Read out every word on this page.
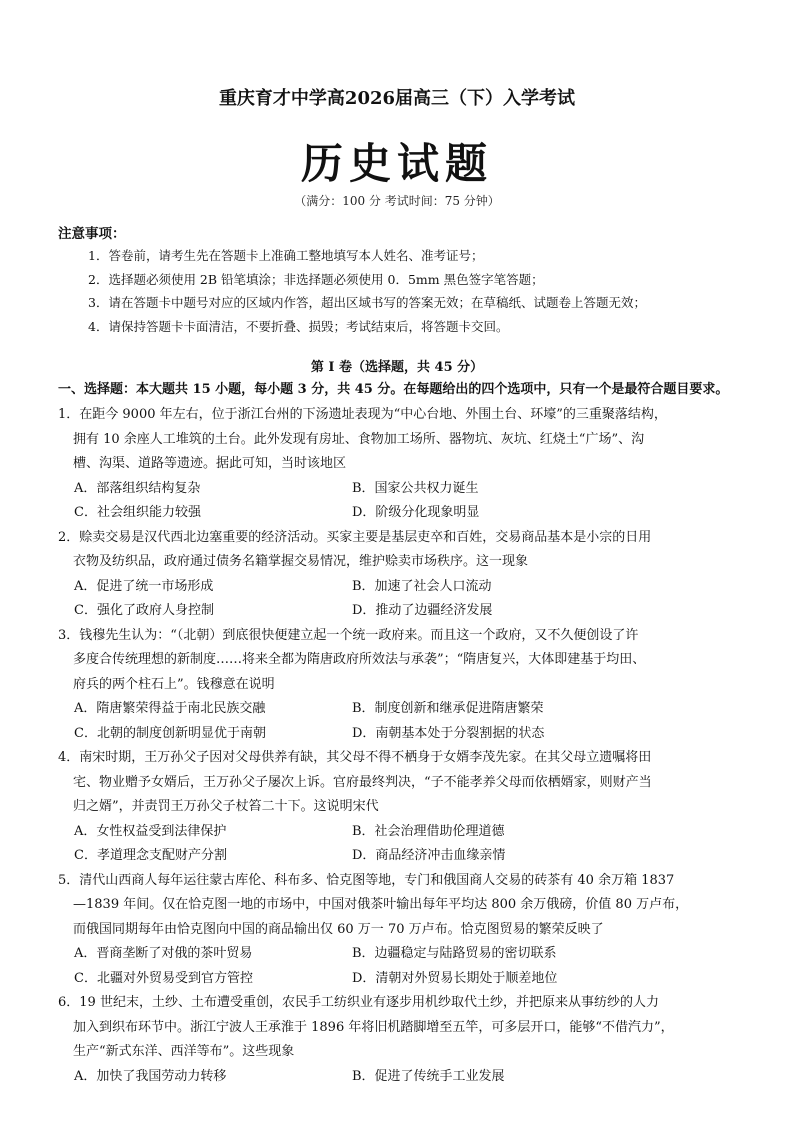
重庆育才中学高2026届高三（下）入学考试
历史试题
（满分：100 分 考试时间：75 分钟）
注意事项：
1．答卷前，请考生先在答题卡上准确工整地填写本人姓名、准考证号；
2．选择题必须使用 2B 铅笔填涂；非选择题必须使用 0．5mm 黑色签字笔答题；
3．请在答题卡中题号对应的区域内作答，超出区域书写的答案无效；在草稿纸、试题卷上答题无效；
4．请保持答题卡卡面清洁，不要折叠、损毁；考试结束后，将答题卡交回。
第 I 卷（选择题，共 45 分）
一、选择题：本大题共 15 小题，每小题 3 分，共 45 分。在每题给出的四个选项中，只有一个是最符合题目要求。
1．在距今 9000 年左右，位于浙江台州的下汤遗址表现为“中心台地、外围土台、环壕”的三重聚落结构，
拥有 10 余座人工堆筑的土台。此外发现有房址、食物加工场所、器物坑、灰坑、红烧土“广场”、沟
槽、沟渠、道路等遗迹。据此可知，当时该地区
A．部落组织结构复杂	B．国家公共权力诞生
C．社会组织能力较强	D．阶级分化现象明显
2．赊卖交易是汉代西北边塞重要的经济活动。买家主要是基层吏卒和百姓，交易商品基本是小宗的日用
衣物及纺织品，政府通过债务名籍掌握交易情况，维护赊卖市场秩序。这一现象
A．促进了统一市场形成	B．加速了社会人口流动
C．强化了政府人身控制	D．推动了边疆经济发展
3．钱穆先生认为：“（北朝）到底很快便建立起一个统一政府来。而且这一个政府，又不久便创设了许
多度合传统理想的新制度……将来全都为隋唐政府所效法与承袭”；“隋唐复兴，大体即建基于均田、
府兵的两个柱石上”。钱穆意在说明
A．隋唐繁荣得益于南北民族交融	B．制度创新和继承促进隋唐繁荣
C．北朝的制度创新明显优于南朝	D．南朝基本处于分裂割据的状态
4．南宋时期，王万孙父子因对父母供养有缺，其父母不得不栖身于女婿李茂先家。在其父母立遗嘱将田
宅、物业赠予女婿后，王万孙父子屡次上诉。官府最终判决，“子不能孝养父母而依栖婿家，则财产当
归之婿”，并责罚王万孙父子杖笞二十下。这说明宋代
A．女性权益受到法律保护	B．社会治理借助伦理道德
C．孝道理念支配财产分割	D．商品经济冲击血缘亲情
5．清代山西商人每年运往蒙古库伦、科布多、恰克图等地，专门和俄国商人交易的砖茶有 40 余万箱 1837
—1839 年间。仅在恰克图一地的市场中，中国对俄茶叶输出每年平均达 800 余万俄磅，价值 80 万卢布，
而俄国同期每年由恰克图向中国的商品输出仅 60 万一 70 万卢布。恰克图贸易的繁荣反映了
A．晋商垄断了对俄的茶叶贸易	B．边疆稳定与陆路贸易的密切联系
C．北疆对外贸易受到官方管控	D．清朝对外贸易长期处于顺差地位
6．19 世纪末，土纱、土布遭受重创，农民手工纺织业有逐步用机纱取代土纱，并把原来从事纺纱的人力
加入到织布环节中。浙江宁波人王承淮于 1896 年将旧机踏脚增至五竿，可多层开口，能够“不借汽力”，
生产“新式东洋、西洋等布”。这些现象
A．加快了我国劳动力转移	B．促进了传统手工业发展
